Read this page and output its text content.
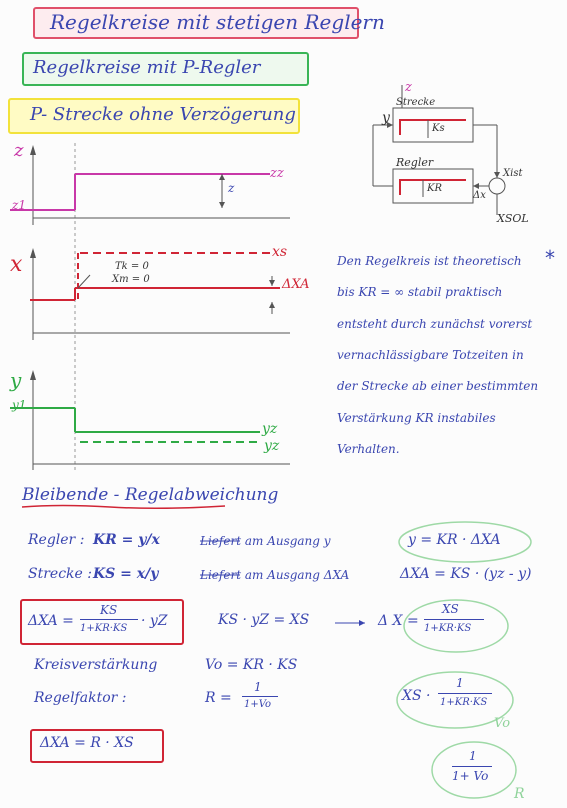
Regelkreise mit stetigen Reglern
Regelkreise mit P-Regler
P- Strecke ohne Verzögerung
z
z1
z
zz
x	xs
ΔXA
Tk = 0
Xm = 0
y
y1
yz
yz
z
Strecke
Ks
y
Regler
KR
Xist
Δx
XSOL
Den Regelkreis ist theoretisch
bis KR = ∞ stabil praktisch
entsteht durch zunächst vorerst
vernachlässigbare Totzeiten in
der Strecke ab einer bestimmten
Verstärkung KR instabiles
Verhalten.
*
Bleibende - Regelabweichung
Regler : KR = y/x	Liefert am Ausgang y	y = KR · ΔXA
Strecke : KS = x/y	Liefert am Ausgang ΔXA	ΔXA = KS · (yz - y)
ΔXA =
KS
1+KR·KS · yZ	KS · yZ = XS	Δ X =
XS
1+KR·KS
Kreisverstärkung	Vo = KR · KS
Regelfaktor :	R =
1
1+Vo
XS ·
1
1+KR·KS
Vo
ΔXA = R · XS
1
1+ Vo
R
